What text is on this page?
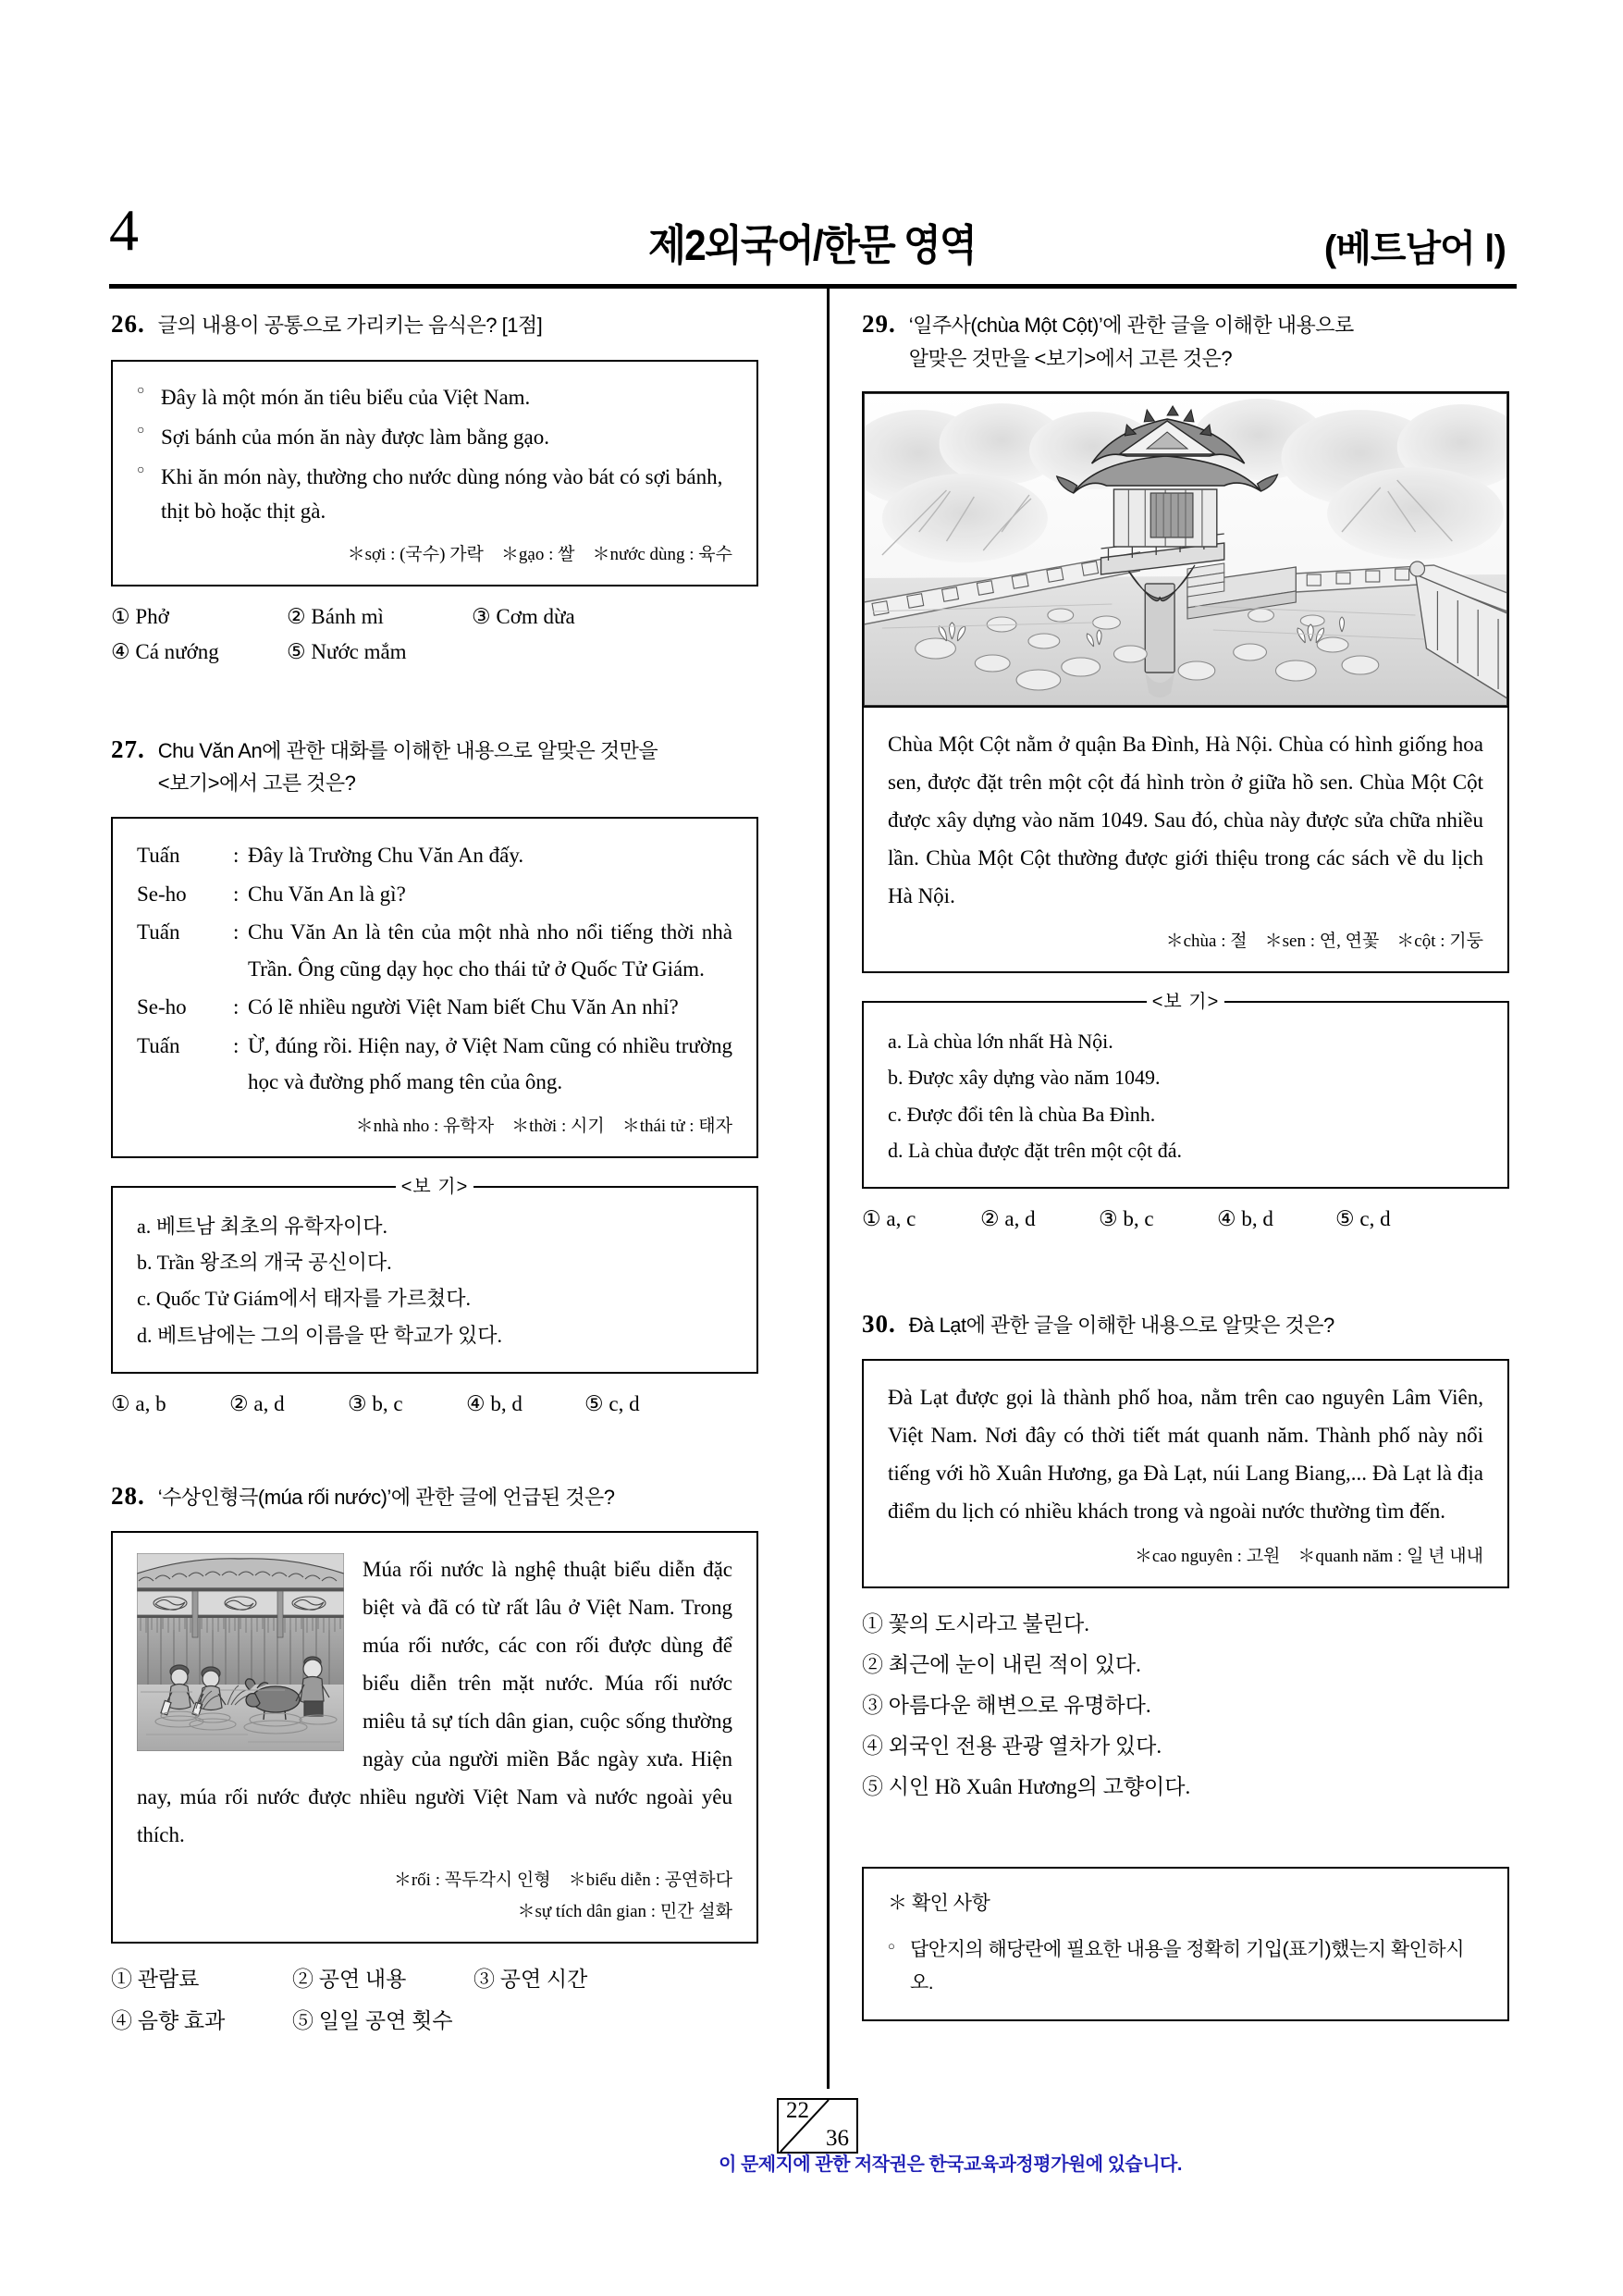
4	제2외국어/한문 영역	(베트남어 Ⅰ)
26. 글의 내용이 공통으로 가리키는 음식은? [1점]
○ Đây là một món ăn tiêu biểu của Việt Nam.
○ Sợi bánh của món ăn này được làm bằng gạo.
○ Khi ăn món này, thường cho nước dùng nóng vào bát có sợi bánh, thịt bò hoặc thịt gà.
＊sợi : (국수) 가락　＊gạo : 쌀　＊nước dùng : 육수
① Phở	② Bánh mì	③ Cơm dừa
④ Cá nướng	⑤ Nước mắm
27. Chu Văn An에 관한 대화를 이해한 내용으로 알맞은 것만을
<보기>에서 고른 것은?
Tuấn	: Đây là Trường Chu Văn An đấy.
Se-ho	: Chu Văn An là gì?
Tuấn	: Chu Văn An là tên của một nhà nho nổi tiếng thời nhà Trần. Ông cũng dạy học cho thái tử ở Quốc Tử Giám.
Se-ho	: Có lẽ nhiều người Việt Nam biết Chu Văn An nhỉ?
Tuấn	: Ừ, đúng rồi. Hiện nay, ở Việt Nam cũng có nhiều trường học và đường phố mang tên của ông.
＊nhà nho : 유학자　＊thời : 시기　＊thái tử : 태자
<보 기>
a. 베트남 최초의 유학자이다.
b. Trần 왕조의 개국 공신이다.
c. Quốc Tử Giám에서 태자를 가르쳤다.
d. 베트남에는 그의 이름을 딴 학교가 있다.
① a, b	② a, d	③ b, c	④ b, d	⑤ c, d
28. ‘수상인형극(múa rối nước)’에 관한 글에 언급된 것은?
Múa rối nước là nghệ thuật biểu diễn đặc biệt và đã có từ rất lâu ở Việt Nam. Trong múa rối nước, các con rối được dùng để biểu diễn trên mặt nước. Múa rối nước miêu tả sự tích dân gian, cuộc sống thường ngày của người miền Bắc ngày xưa. Hiện nay, múa rối nước được nhiều người Việt Nam và nước ngoài yêu thích.
＊rối : 꼭두각시 인형　＊biểu diễn : 공연하다
＊sự tích dân gian : 민간 설화
① 관람료	② 공연 내용	③ 공연 시간
④ 음향 효과	⑤ 일일 공연 횟수
29. ‘일주사(chùa Một Cột)’에 관한 글을 이해한 내용으로
알맞은 것만을 <보기>에서 고른 것은?
Chùa Một Cột nằm ở quận Ba Đình, Hà Nội. Chùa có hình giống hoa sen, được đặt trên một cột đá hình tròn ở giữa hồ sen. Chùa Một Cột được xây dựng vào năm 1049. Sau đó, chùa này được sửa chữa nhiều lần. Chùa Một Cột thường được giới thiệu trong các sách về du lịch Hà Nội.
＊chùa : 절　＊sen : 연, 연꽃　＊cột : 기둥
<보 기>
a. Là chùa lớn nhất Hà Nội.
b. Được xây dựng vào năm 1049.
c. Được đổi tên là chùa Ba Đình.
d. Là chùa được đặt trên một cột đá.
① a, c	② a, d	③ b, c	④ b, d	⑤ c, d
30. Đà Lạt에 관한 글을 이해한 내용으로 알맞은 것은?
Đà Lạt được gọi là thành phố hoa, nằm trên cao nguyên Lâm Viên, Việt Nam. Nơi đây có thời tiết mát quanh năm. Thành phố này nổi tiếng với hồ Xuân Hương, ga Đà Lạt, núi Lang Biang,... Đà Lạt là địa điểm du lịch có nhiều khách trong và ngoài nước thường tìm đến.
＊cao nguyên : 고원　＊quanh năm : 일 년 내내
① 꽃의 도시라고 불린다.
② 최근에 눈이 내린 적이 있다.
③ 아름다운 해변으로 유명하다.
④ 외국인 전용 관광 열차가 있다.
⑤ 시인 Hồ Xuân Hương의 고향이다.
＊ 확인 사항
○ 답안지의 해당란에 필요한 내용을 정확히 기입(표기)했는지 확인하시오.
22
36
이 문제지에 관한 저작권은 한국교육과정평가원에 있습니다.
